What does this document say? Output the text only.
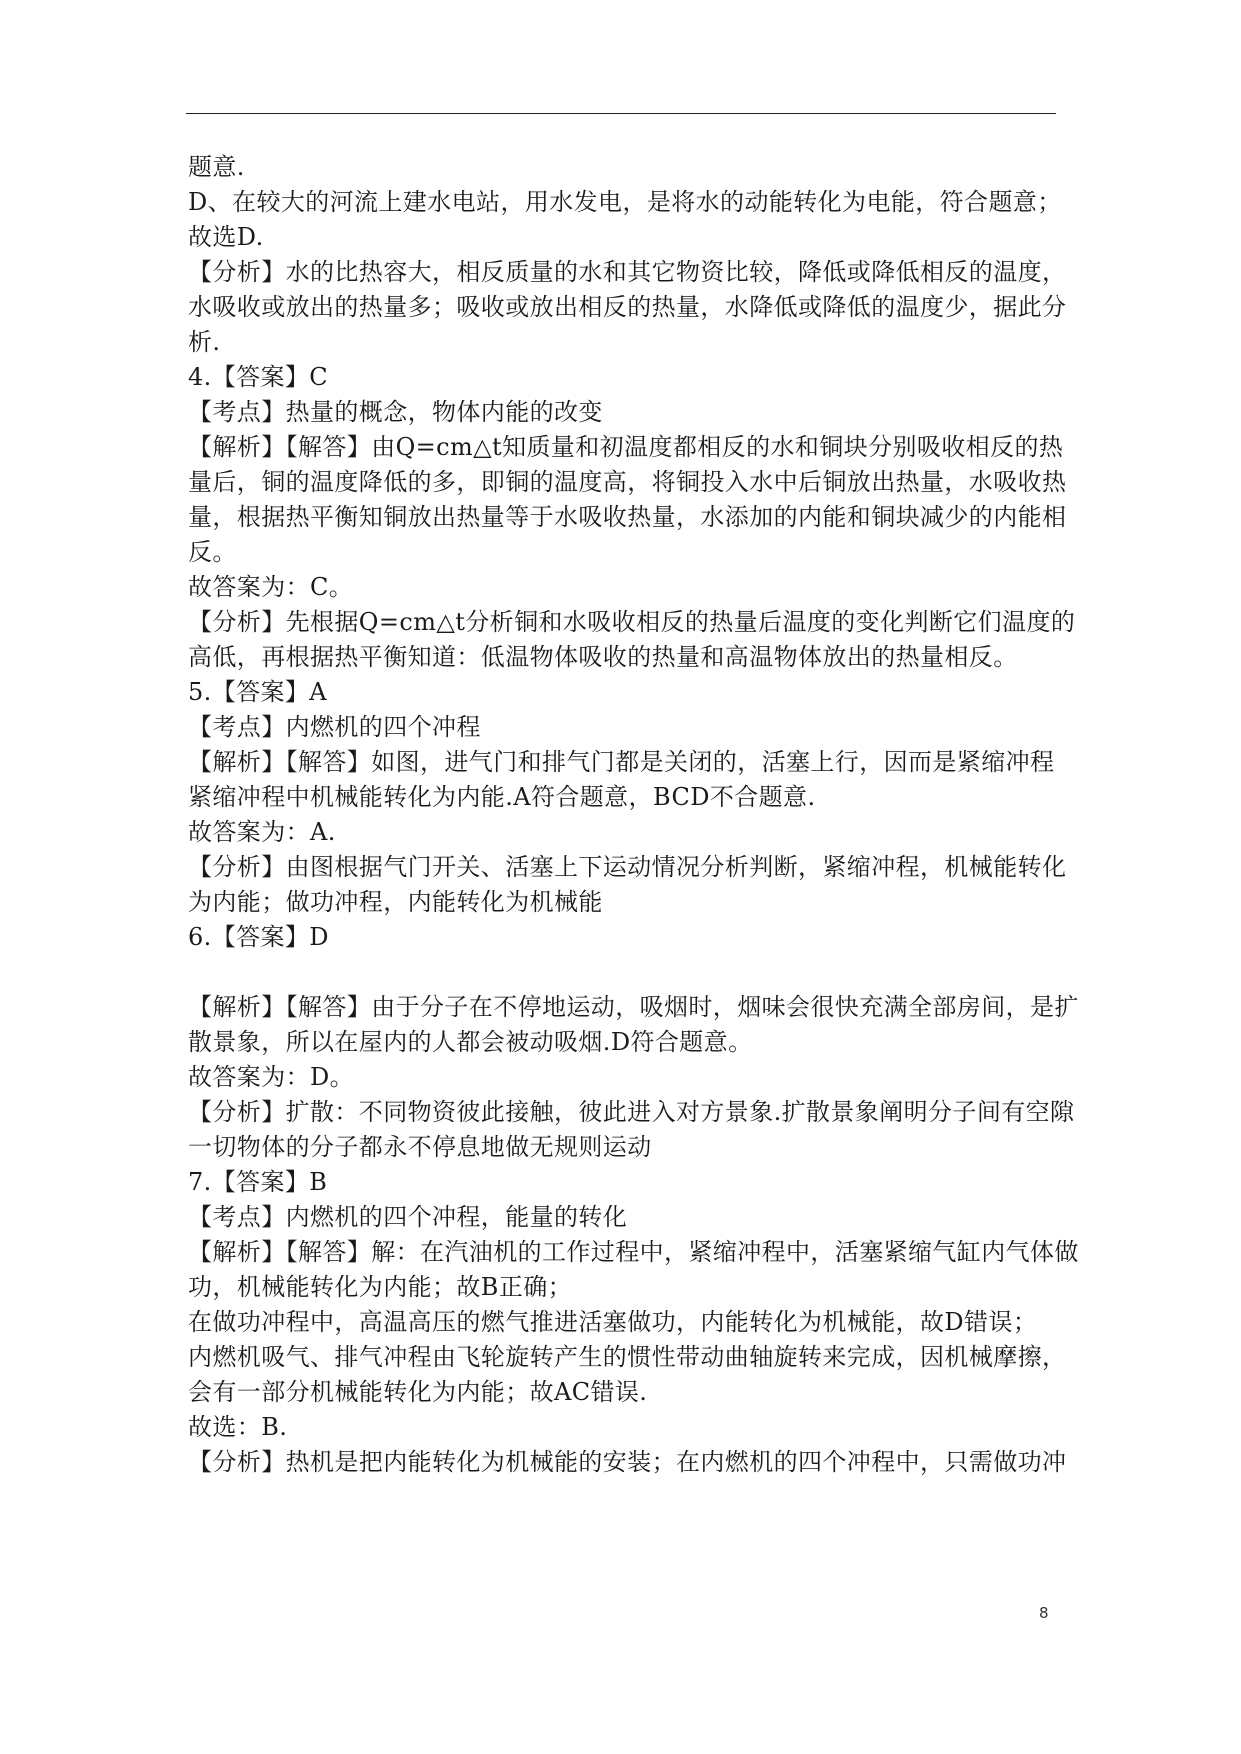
题意.
D、在较大的河流上建水电站，用水发电，是将水的动能转化为电能，符合题意；
故选D.
【分析】水的比热容大，相反质量的水和其它物资比较，降低或降低相反的温度，
水吸收或放出的热量多；吸收或放出相反的热量，水降低或降低的温度少，据此分
析.
4.【答案】C
【考点】热量的概念，物体内能的改变
【解析】【解答】由Q=cm△t知质量和初温度都相反的水和铜块分别吸收相反的热
量后，铜的温度降低的多，即铜的温度高，将铜投入水中后铜放出热量，水吸收热
量，根据热平衡知铜放出热量等于水吸收热量，水添加的内能和铜块减少的内能相
反。
故答案为：C。
【分析】先根据Q=cm△t分析铜和水吸收相反的热量后温度的变化判断它们温度的
高低，再根据热平衡知道：低温物体吸收的热量和高温物体放出的热量相反。
5.【答案】A
【考点】内燃机的四个冲程
【解析】【解答】如图，进气门和排气门都是关闭的，活塞上行，因而是紧缩冲程
紧缩冲程中机械能转化为内能.A符合题意，BCD不合题意.
故答案为：A.
【分析】由图根据气门开关、活塞上下运动情况分析判断，紧缩冲程，机械能转化
为内能；做功冲程，内能转化为机械能
6.【答案】D
【解析】【解答】由于分子在不停地运动，吸烟时，烟味会很快充满全部房间，是扩
散景象，所以在屋内的人都会被动吸烟.D符合题意。
故答案为：D。
【分析】扩散：不同物资彼此接触，彼此进入对方景象.扩散景象阐明分子间有空隙
一切物体的分子都永不停息地做无规则运动
7.【答案】B
【考点】内燃机的四个冲程，能量的转化
【解析】【解答】解：在汽油机的工作过程中，紧缩冲程中，活塞紧缩气缸内气体做
功，机械能转化为内能；故B正确；
在做功冲程中，高温高压的燃气推进活塞做功，内能转化为机械能，故D错误；
内燃机吸气、排气冲程由飞轮旋转产生的惯性带动曲轴旋转来完成，因机械摩擦，
会有一部分机械能转化为内能；故AC错误.
故选：B.
【分析】热机是把内能转化为机械能的安装；在内燃机的四个冲程中，只需做功冲
8
